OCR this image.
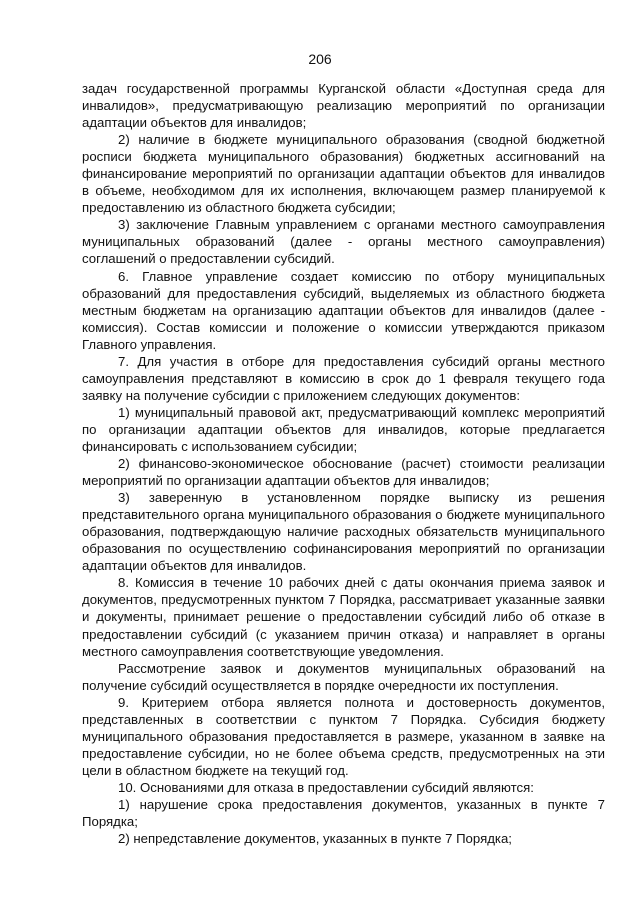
206

задач государственной программы Курганской области «Доступная среда для инвалидов», предусматривающую реализацию мероприятий по организации адаптации объектов для инвалидов;

2) наличие в бюджете муниципального образования (сводной бюджетной росписи бюджета муниципального образования) бюджетных ассигнований на финансирование мероприятий по организации адаптации объектов для инвалидов в объеме, необходимом для их исполнения, включающем размер планируемой к предоставлению из областного бюджета субсидии;

3) заключение Главным управлением с органами местного самоуправления муниципальных образований (далее - органы местного самоуправления) соглашений о предоставлении субсидий.

6. Главное управление создает комиссию по отбору муниципальных образований для предоставления субсидий, выделяемых из областного бюджета местным бюджетам на организацию адаптации объектов для инвалидов (далее - комиссия). Состав комиссии и положение о комиссии утверждаются приказом Главного управления.

7. Для участия в отборе для предоставления субсидий органы местного самоуправления представляют в комиссию в срок до 1 февраля текущего года заявку на получение субсидии с приложением следующих документов:

1) муниципальный правовой акт, предусматривающий комплекс мероприятий по организации адаптации объектов для инвалидов, которые предлагается финансировать с использованием субсидии;

2) финансово-экономическое обоснование (расчет) стоимости реализации мероприятий по организации адаптации объектов для инвалидов;

3) заверенную в установленном порядке выписку из решения представительного органа муниципального образования о бюджете муниципального образования, подтверждающую наличие расходных обязательств муниципального образования по осуществлению софинансирования мероприятий по организации адаптации объектов для инвалидов.

8. Комиссия в течение 10 рабочих дней с даты окончания приема заявок и документов, предусмотренных пунктом 7 Порядка, рассматривает указанные заявки и документы, принимает решение о предоставлении субсидий либо об отказе в предоставлении субсидий (с указанием причин отказа) и направляет в органы местного самоуправления соответствующие уведомления.

Рассмотрение заявок и документов муниципальных образований на получение субсидий осуществляется в порядке очередности их поступления.

9. Критерием отбора является полнота и достоверность документов, представленных в соответствии с пунктом 7 Порядка. Субсидия бюджету муниципального образования предоставляется в размере, указанном в заявке на предоставление субсидии, но не более объема средств, предусмотренных на эти цели в областном бюджете на текущий год.

10. Основаниями для отказа в предоставлении субсидий являются:

1) нарушение срока предоставления документов, указанных в пункте 7 Порядка;

2) непредставление документов, указанных в пункте 7 Порядка;
